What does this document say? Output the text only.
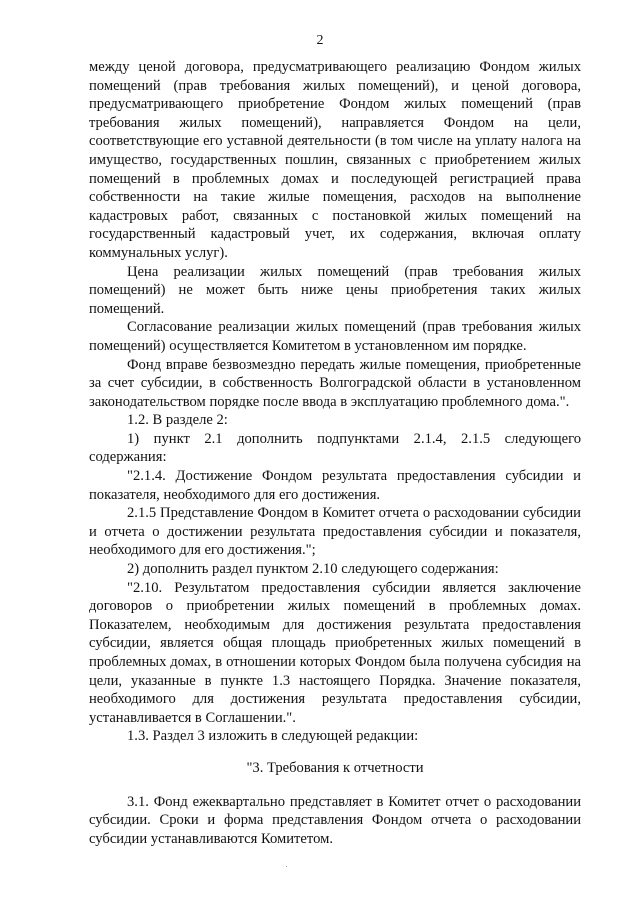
2

между ценой договора, предусматривающего реализацию Фондом жилых помещений (прав требования жилых помещений), и ценой договора, предусматривающего приобретение Фондом жилых помещений (прав требования жилых помещений), направляется Фондом на цели, соответствующие его уставной деятельности (в том числе на уплату налога на имущество, государственных пошлин, связанных с приобретением жилых помещений в проблемных домах и последующей регистрацией права собственности на такие жилые помещения, расходов на выполнение кадастровых работ, связанных с постановкой жилых помещений на государственный кадастровый учет, их содержания, включая оплату коммунальных услуг).

Цена реализации жилых помещений (прав требования жилых помещений) не может быть ниже цены приобретения таких жилых помещений.

Согласование реализации жилых помещений (прав требования жилых помещений) осуществляется Комитетом в установленном им порядке.

Фонд вправе безвозмездно передать жилые помещения, приобретенные за счет субсидии, в собственность Волгоградской области в установленном законодательством порядке после ввода в эксплуатацию проблемного дома.".

1.2. В разделе 2:

1) пункт 2.1 дополнить подпунктами 2.1.4, 2.1.5 следующего содержания:

"2.1.4. Достижение Фондом результата предоставления субсидии и показателя, необходимого для его достижения.

2.1.5 Представление Фондом в Комитет отчета о расходовании субсидии и отчета о достижении результата предоставления субсидии и показателя, необходимого для его достижения.";

2) дополнить раздел пунктом 2.10 следующего содержания:

"2.10. Результатом предоставления субсидии является заключение договоров о приобретении жилых помещений в проблемных домах. Показателем, необходимым для достижения результата предоставления субсидии, является общая площадь приобретенных жилых помещений в проблемных домах, в отношении которых Фондом была получена субсидия на цели, указанные в пункте 1.3 настоящего Порядка. Значение показателя, необходимого для достижения результата предоставления субсидии, устанавливается в Соглашении.".

1.3. Раздел 3 изложить в следующей редакции:

"3. Требования к отчетности

3.1. Фонд ежеквартально представляет в Комитет отчет о расходовании субсидии. Сроки и форма представления Фондом отчета о расходовании субсидии устанавливаются Комитетом.
